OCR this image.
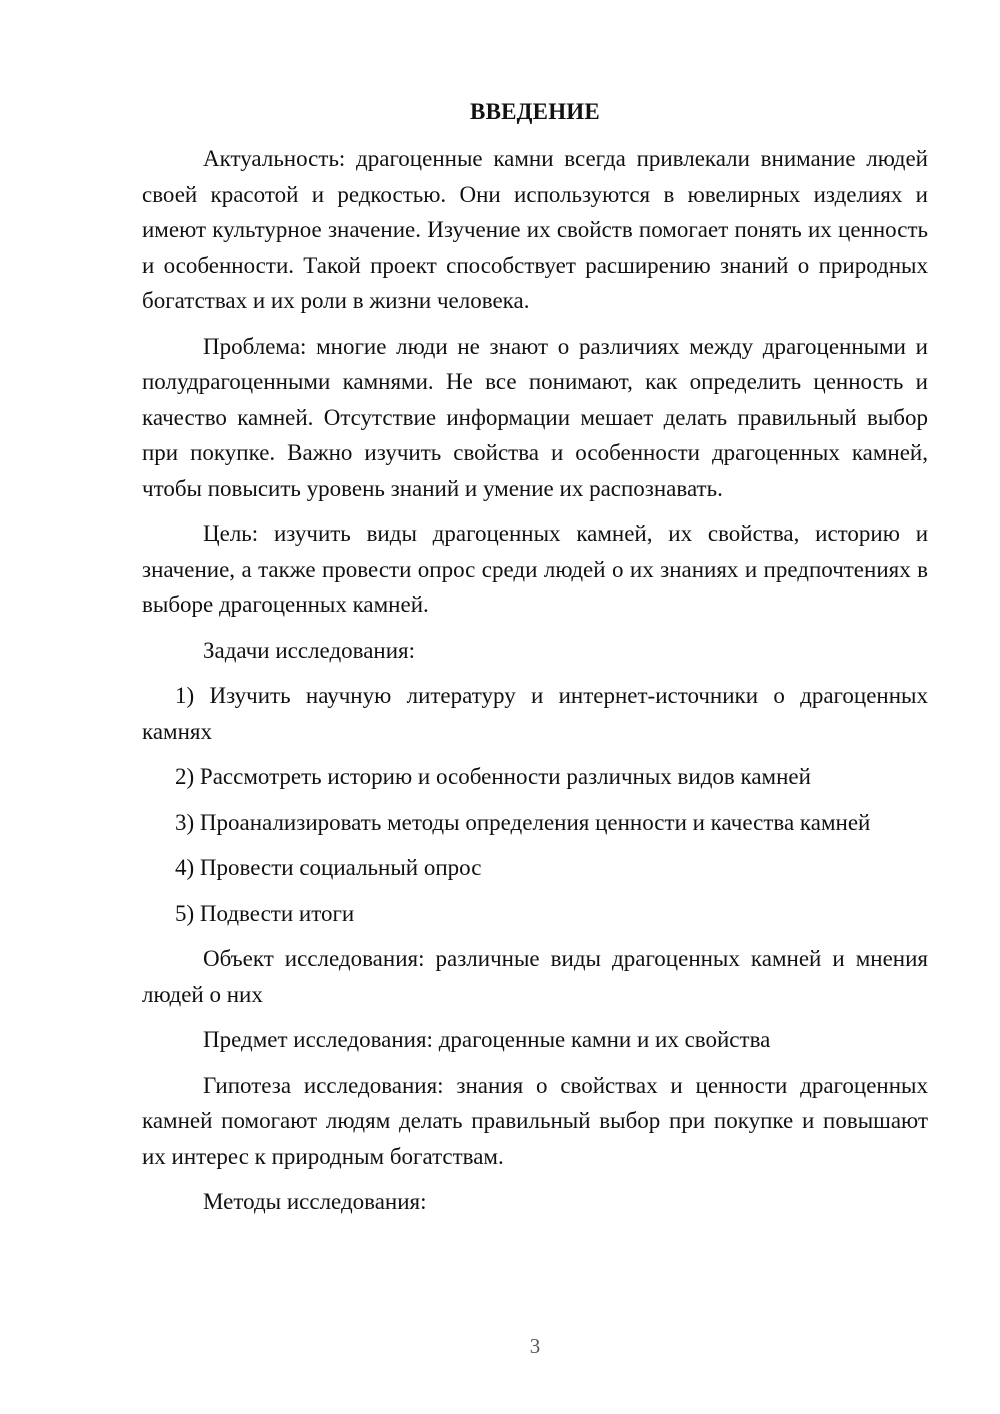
ВВЕДЕНИЕ

Актуальность: драгоценные камни всегда привлекали внимание людей своей красотой и редкостью. Они используются в ювелирных изделиях и имеют культурное значение. Изучение их свойств помогает понять их ценность и особенности. Такой проект способствует расширению знаний о природных богатствах и их роли в жизни человека.

Проблема: многие люди не знают о различиях между драгоценными и полудрагоценными камнями. Не все понимают, как определить ценность и качество камней. Отсутствие информации мешает делать правильный выбор при покупке. Важно изучить свойства и особенности драгоценных камней, чтобы повысить уровень знаний и умение их распознавать.

Цель: изучить виды драгоценных камней, их свойства, историю и значение, а также провести опрос среди людей о их знаниях и предпочтениях в выборе драгоценных камней.

Задачи исследования:

1) Изучить научную литературу и интернет-источники о драгоценных камнях

2) Рассмотреть историю и особенности различных видов камней

3) Проанализировать методы определения ценности и качества камней

4) Провести социальный опрос

5) Подвести итоги

Объект исследования: различные виды драгоценных камней и мнения людей о них

Предмет исследования: драгоценные камни и их свойства

Гипотеза исследования: знания о свойствах и ценности драгоценных камней помогают людям делать правильный выбор при покупке и повышают их интерес к природным богатствам.

Методы исследования:

3
